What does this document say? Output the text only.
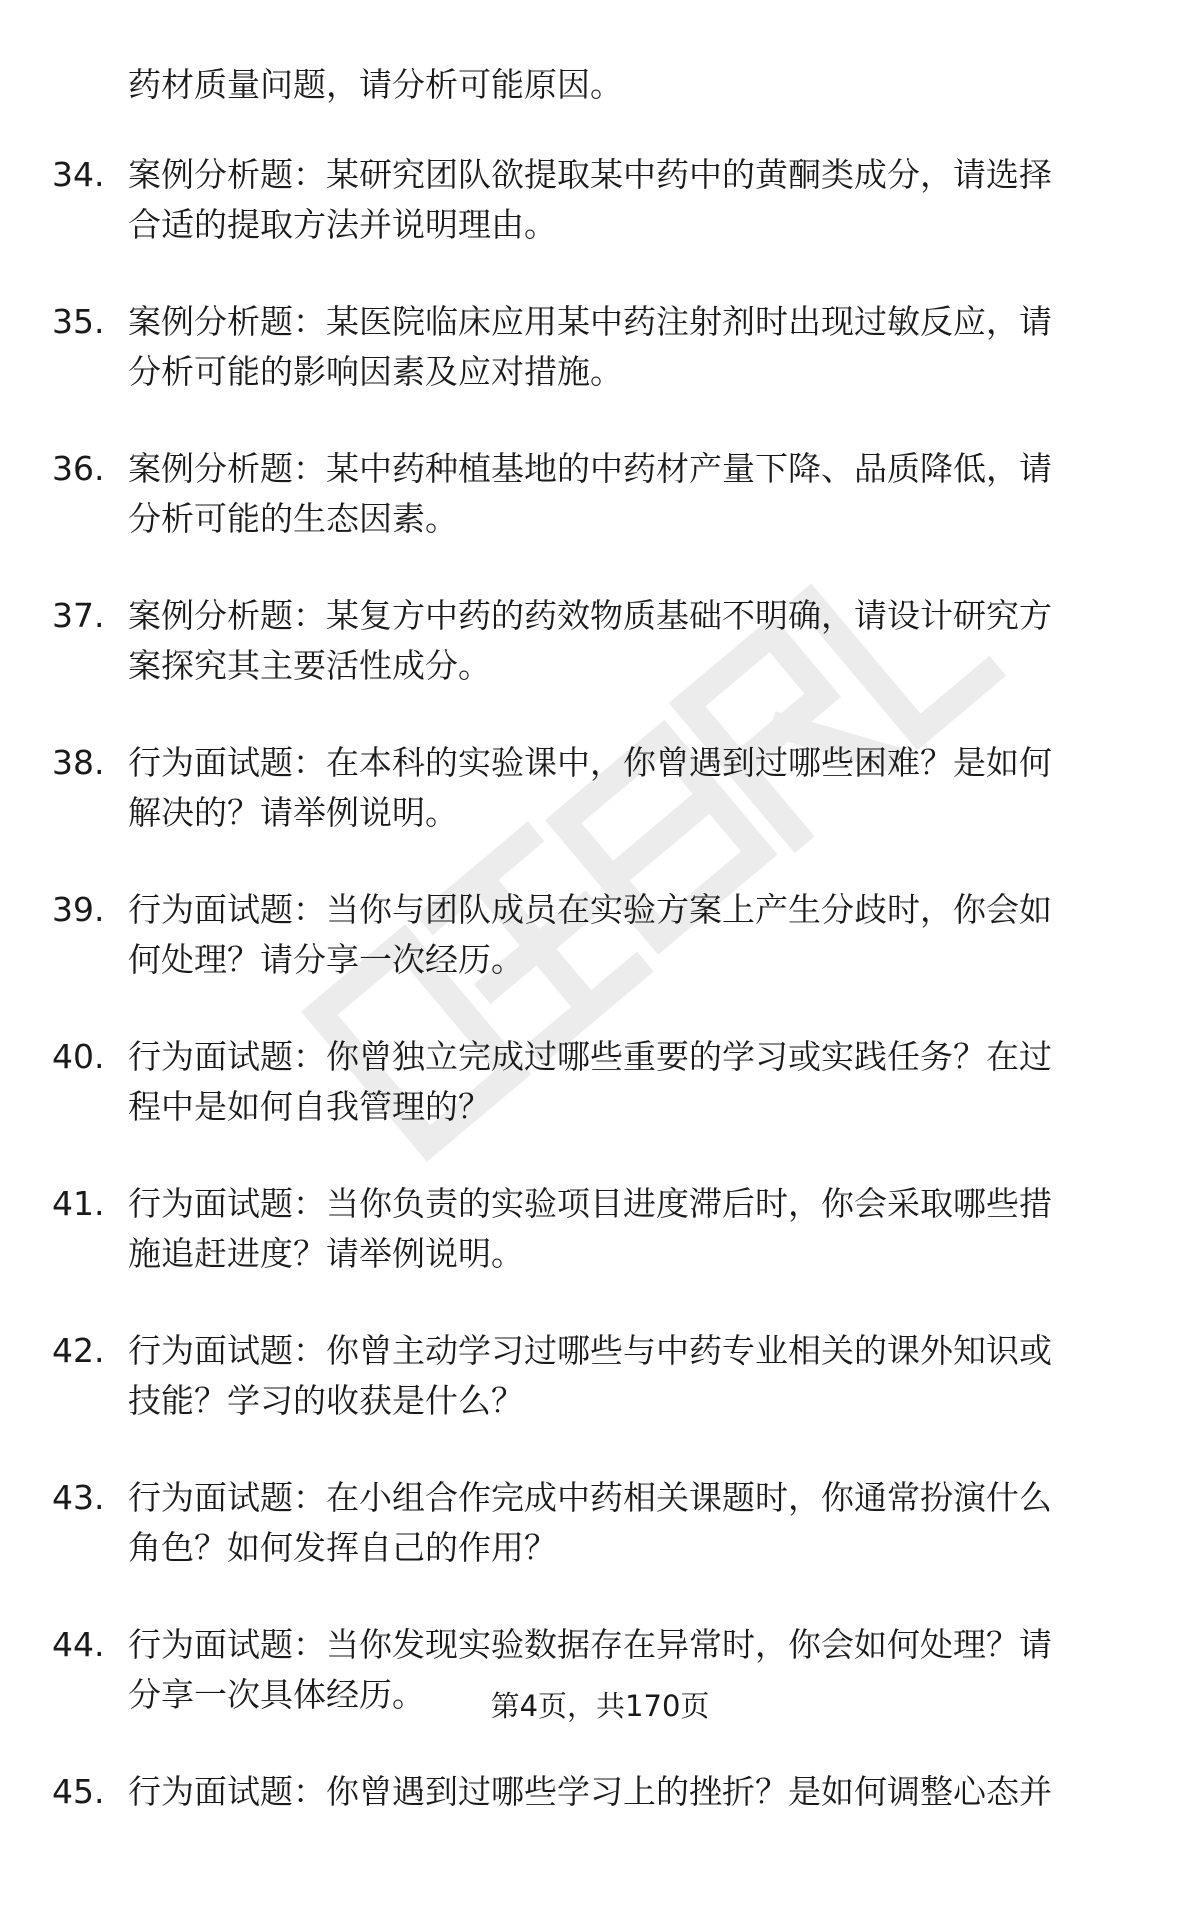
药材质量问题，请分析可能原因。
34. 案例分析题：某研究团队欲提取某中药中的黄酮类成分，请选择
合适的提取方法并说明理由。
35. 案例分析题：某医院临床应用某中药注射剂时出现过敏反应，请
分析可能的影响因素及应对措施。
36. 案例分析题：某中药种植基地的中药材产量下降、品质降低，请
分析可能的生态因素。
37. 案例分析题：某复方中药的药效物质基础不明确，请设计研究方
案探究其主要活性成分。
38. 行为面试题：在本科的实验课中，你曾遇到过哪些困难？是如何
解决的？请举例说明。
39. 行为面试题：当你与团队成员在实验方案上产生分歧时，你会如
何处理？请分享一次经历。
40. 行为面试题：你曾独立完成过哪些重要的学习或实践任务？在过
程中是如何自我管理的？
41. 行为面试题：当你负责的实验项目进度滞后时，你会采取哪些措
施追赶进度？请举例说明。
42. 行为面试题：你曾主动学习过哪些与中药专业相关的课外知识或
技能？学习的收获是什么？
43. 行为面试题：在小组合作完成中药相关课题时，你通常扮演什么
角色？如何发挥自己的作用？
44. 行为面试题：当你发现实验数据存在异常时，你会如何处理？请
分享一次具体经历。
45. 行为面试题：你曾遇到过哪些学习上的挫折？是如何调整心态并
第4页，共170页
